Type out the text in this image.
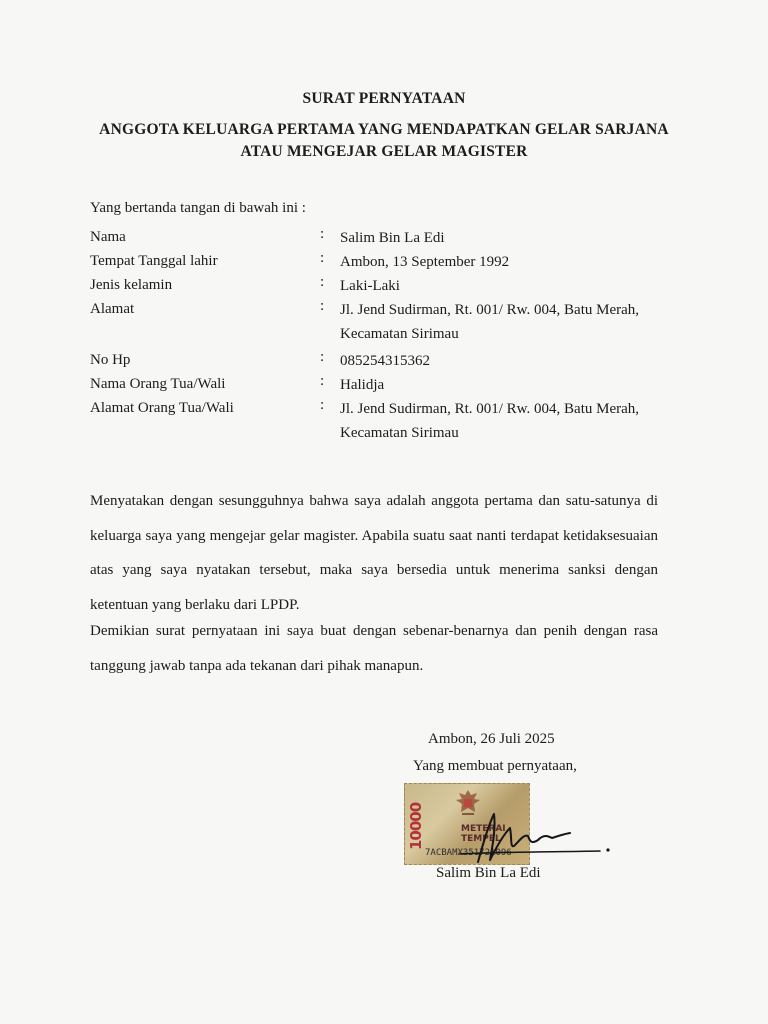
SURAT PERNYATAAN
ANGGOTA KELUARGA PERTAMA YANG MENDAPATKAN GELAR SARJANA
ATAU MENGEJAR GELAR MAGISTER
Yang bertanda tangan di bawah ini :
Nama	: Salim Bin La Edi
Tempat Tanggal lahir	: Ambon, 13 September 1992
Jenis kelamin	: Laki-Laki
Alamat	: Jl. Jend Sudirman, Rt. 001/ Rw. 004, Batu Merah,
Kecamatan Sirimau
No Hp	: 085254315362
Nama Orang Tua/Wali	: Halidja
Alamat Orang Tua/Wali	: Jl. Jend Sudirman, Rt. 001/ Rw. 004, Batu Merah,
Kecamatan Sirimau
Menyatakan dengan sesungguhnya bahwa saya adalah anggota pertama dan satu-satunya di keluarga saya yang mengejar gelar magister. Apabila suatu saat nanti terdapat ketidaksesuaian atas yang saya nyatakan tersebut, maka saya bersedia untuk menerima sanksi dengan ketentuan yang berlaku dari LPDP.
Demikian surat pernyataan ini saya buat dengan sebenar-benarnya dan penih dengan rasa tanggung jawab tanpa ada tekanan dari pihak manapun.
Ambon, 26 Juli 2025
Yang membuat pernyataan,
10000	METERAI TEMPEL
7ACBAMX351721096
Salim Bin La Edi
